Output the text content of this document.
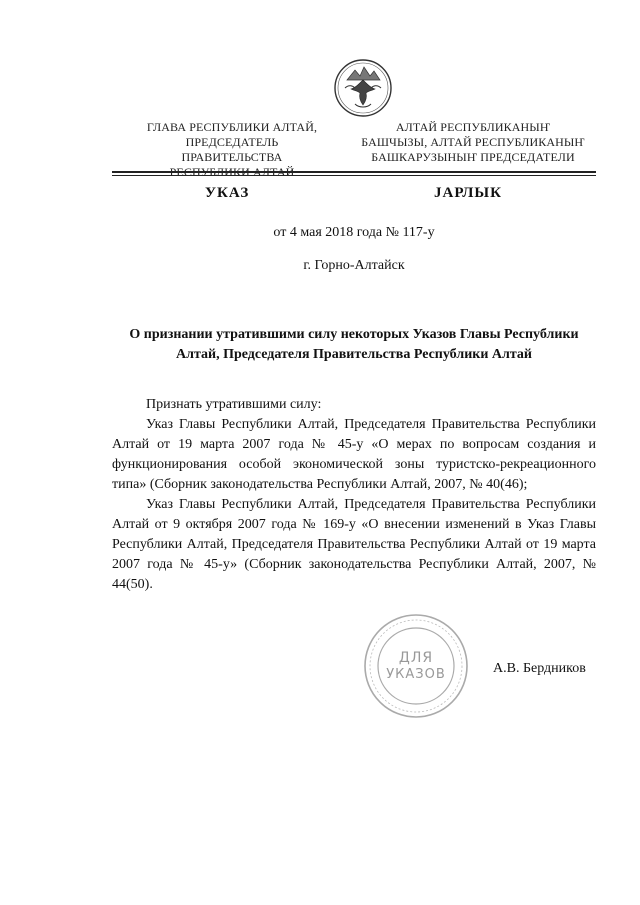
ГЛАВА РЕСПУБЛИКИ АЛТАЙ,
ПРЕДСЕДАТЕЛЬ ПРАВИТЕЛЬСТВА
РЕСПУБЛИКИ АЛТАЙ
АЛТАЙ РЕСПУБЛИКАНЫҤ
БАШЧЫЗЫ, АЛТАЙ РЕСПУБЛИКАНЫҤ
БАШКАРУЗЫНЫҤ ПРЕДСЕДАТЕЛИ
УКАЗ	ЈАРЛЫК
от 4 мая 2018 года № 117-у
г. Горно-Алтайск
О признании утратившими силу некоторых Указов Главы Республики Алтай, Председателя Правительства Республики Алтай

Признать утратившими силу:

Указ Главы Республики Алтай, Председателя Правительства Республики Алтай от 19 марта 2007 года № 45-у «О мерах по вопросам создания и функционирования особой экономической зоны туристско-рекреационного типа» (Сборник законодательства Республики Алтай, 2007, № 40(46);

Указ Главы Республики Алтай, Председателя Правительства Республики Алтай от 9 октября 2007 года № 169-у «О внесении изменений в Указ Главы Республики Алтай, Председателя Правительства Республики Алтай от 19 марта 2007 года № 45-у» (Сборник законодательства Республики Алтай, 2007, № 44(50).

ДЛЯ
УКАЗОВ	А.В. Бердников
